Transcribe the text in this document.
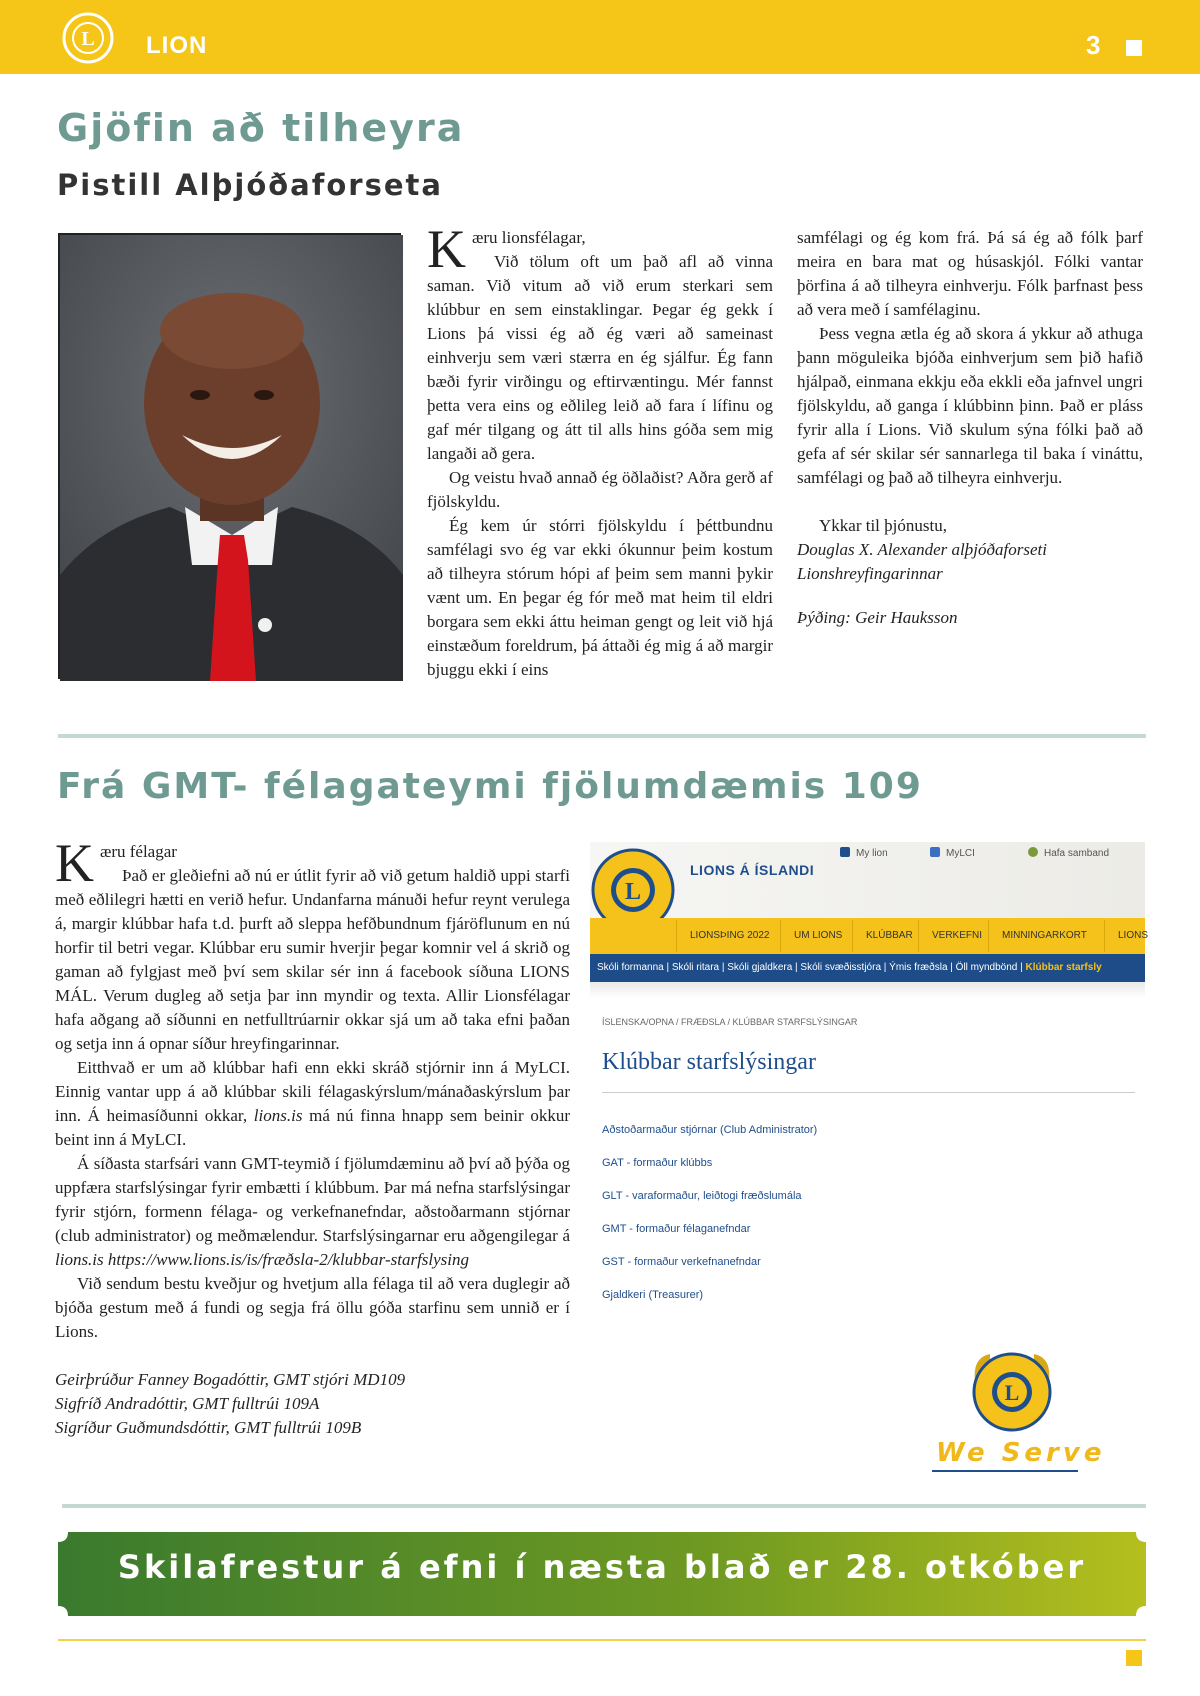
L LION	3
Gjöfin að tilheyra
Pistill Alþjóðaforseta

Kæru lionsfélagar,

Við tölum oft um það afl að vinna saman. Við vitum að við erum sterkari sem klúbbur en sem einstaklingar. Þegar ég gekk í Lions þá vissi ég að ég væri að sameinast einhverju sem væri stærra en ég sjálfur. Ég fann bæði fyrir virðingu og eftirvæntingu. Mér fannst þetta vera eins og eðlileg leið að fara í lífinu og gaf mér tilgang og átt til alls hins góða sem mig langaði að gera.

Og veistu hvað annað ég öðlaðist? Aðra gerð af fjölskyldu.

Ég kem úr stórri fjölskyldu í þéttbundnu samfélagi svo ég var ekki ókunnur þeim kostum að tilheyra stórum hópi af þeim sem manni þykir vænt um. En þegar ég fór með mat heim til eldri borgara sem ekki áttu heiman gengt og leit við hjá einstæðum foreldrum, þá áttaði ég mig á að margir bjuggu ekki í eins

samfélagi og ég kom frá. Þá sá ég að fólk þarf meira en bara mat og húsaskjól. Fólki vantar þörfina á að tilheyra einhverju. Fólk þarfnast þess að vera með í samfélaginu.

Þess vegna ætla ég að skora á ykkur að athuga þann möguleika bjóða einhverjum sem þið hafið hjálpað, einmana ekkju eða ekkli eða jafnvel ungri fjölskyldu, að ganga í klúbbinn þinn. Það er pláss fyrir alla í Lions. Við skulum sýna fólki það að gefa af sér skilar sér sannarlega til baka í vináttu, samfélagi og það að tilheyra einhverju.

Ykkar til þjónustu,

Douglas X. Alexander alþjóðaforseti

Lionshreyfingarinnar

Þýðing: Geir Hauksson

Frá GMT- félagateymi fjölumdæmis 109

Kæru félagar

Það er gleðiefni að nú er útlit fyrir að við getum haldið uppi starfi með eðlilegri hætti en verið hefur. Undanfarna mánuði hefur reynt verulega á, margir klúbbar hafa t.d. þurft að sleppa hefðbundnum fjáröflunum en nú horfir til betri vegar. Klúbbar eru sumir hverjir þegar komnir vel á skrið og gaman að fylgjast með því sem skilar sér inn á facebook síðuna LIONS MÁL. Verum dugleg að setja þar inn myndir og texta. Allir Lionsfélagar hafa aðgang að síðunni en netfulltrúarnir okkar sjá um að taka efni þaðan og setja inn á opnar síður hreyfingarinnar.

Eitthvað er um að klúbbar hafi enn ekki skráð stjórnir inn á MyLCI. Einnig vantar upp á að klúbbar skili félagaskýrslum/mánaðaskýrslum þar inn. Á heimasíðunni okkar, lions.is má nú finna hnapp sem beinir okkur beint inn á MyLCI.

Á síðasta starfsári vann GMT-teymið í fjölumdæminu að því að þýða og uppfæra starfslýsingar fyrir embætti í klúbbum. Þar má nefna starfslýsingar fyrir stjórn, formenn félaga- og verkefnanefndar, aðstoðarmann stjórnar (club administrator) og meðmælendur. Starfslýsingarnar eru aðgengilegar á lions.is https://www.lions.is/is/fræðsla-2/klubbar-starfslysing

Við sendum bestu kveðjur og hvetjum alla félaga til að vera duglegir að bjóða gestum með á fundi og segja frá öllu góða starfinu sem unnið er í Lions.

Geirþrúður Fanney Bogadóttir, GMT stjóri MD109

Sigfríð Andradóttir, GMT fulltrúi 109A

Sigríður Guðmundsdóttir, GMT fulltrúi 109B

L
LIONS Á ÍSLANDI
My lion	MyLCI	Hafa samband
LIONSÞING 2022 UM LIONS KLÚBBAR VERKEFNI MINNINGARKORT	LIONS
Skóli formanna | Skóli ritara | Skóli gjaldkera | Skóli svæðisstjóra | Ýmis fræðsla | Öll myndbönd | Klúbbar starfsly
ÍSLENSKA/OPNA / FRÆÐSLA / KLÚBBAR STARFSLÝSINGAR
Klúbbar starfslýsingar
Aðstoðarmaður stjórnar (Club Administrator)
GAT - formaður klúbbs
GLT - varaformaður, leiðtogi fræðslumála
GMT - formaður félaganefndar
GST - formaður verkefnanefndar
Gjaldkeri (Treasurer)
L
We Serve
Skilafrestur á efni í næsta blað er 28. otkóber
